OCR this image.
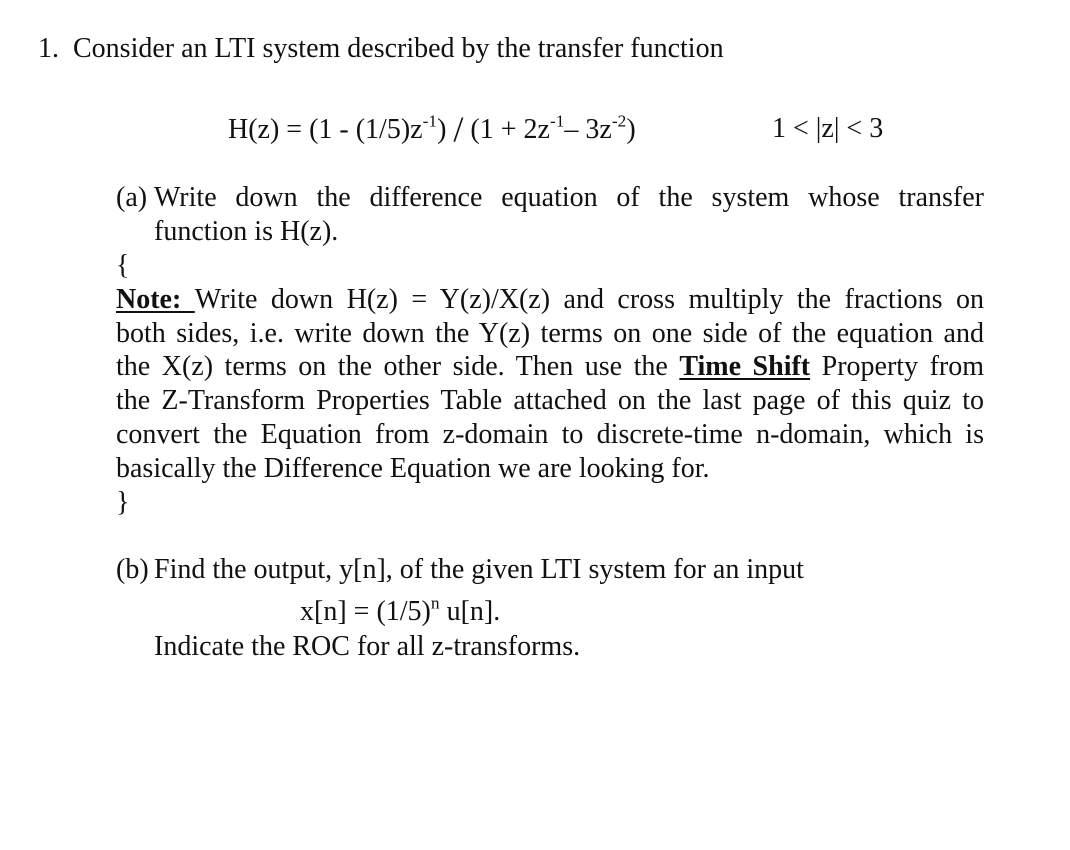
1. Consider an LTI system described by the transfer function
$H(z) = (1 - (1/5)z^{-1}) / (1 + 2z^{-1}-$ $3z^{-2}$)	1 < |z| < 3
(a) Write down the difference equation of the system whose transfer
function is H(z).
{
Note: Write down H(z) = Y(z)/X(z) and cross multiply the fractions on
both sides, i.e. write down the Y(z) terms on one side of the equation and
the X(z) terms on the other side. Then use the Time Shift Property from
the Z-Transform Properties Table attached on the last page of this quiz to
convert the Equation from z-domain to discrete-time n-domain, which is
basically the Difference Equation we are looking for.
}
(b) Find the output, y[n], of the given LTI system for an input
$x[n] = (1/5)^n$ u[n].
Indicate the ROC for all z-transforms.
